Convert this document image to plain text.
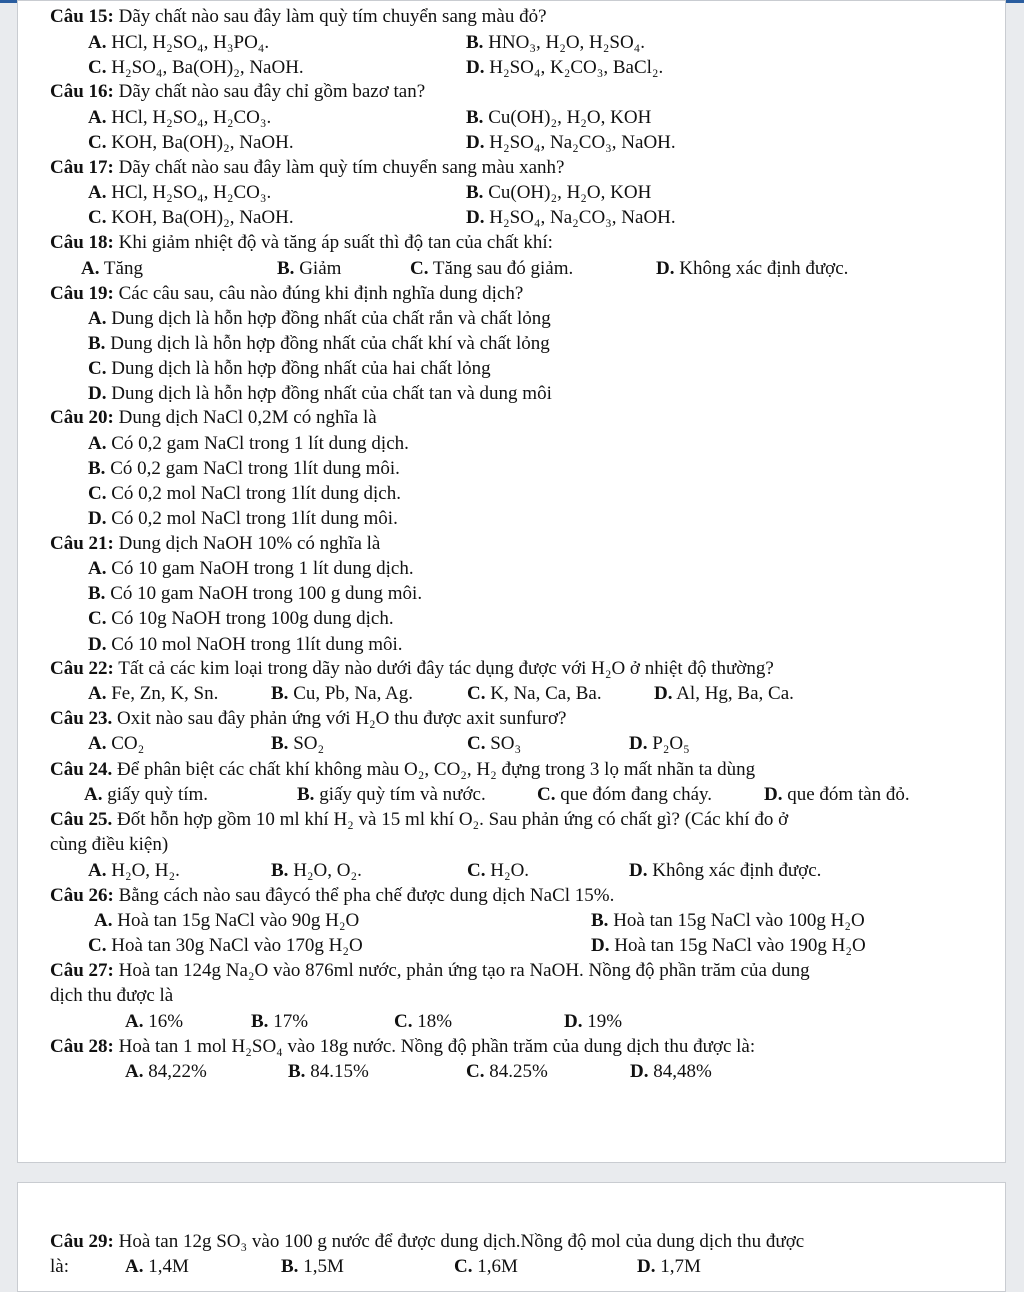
Câu 15: Dãy chất nào sau đây làm quỳ tím chuyển sang màu đỏ?
A. HCl, H₂SO₄, H₃PO₄.	B. HNO₃, H₂O, H₂SO₄.
C. H₂SO₄, Ba(OH)₂, NaOH.	D. H₂SO₄, K₂CO₃, BaCl₂.
Câu 16: Dãy chất nào sau đây chỉ gồm bazơ tan?
A. HCl, H₂SO₄, H₂CO₃.	B. Cu(OH)₂, H₂O, KOH
C. KOH, Ba(OH)₂, NaOH.	D. H₂SO₄, Na₂CO₃, NaOH.
Câu 17: Dãy chất nào sau đây làm quỳ tím chuyển sang màu xanh?
A. HCl, H₂SO₄, H₂CO₃.	B. Cu(OH)₂, H₂O, KOH
C. KOH, Ba(OH)₂, NaOH.	D. H₂SO₄, Na₂CO₃, NaOH.
Câu 18: Khi giảm nhiệt độ và tăng áp suất thì độ tan của chất khí:
A. Tăng	B. Giảm	C. Tăng sau đó giảm.	D. Không xác định được.
Câu 19: Các câu sau, câu nào đúng khi định nghĩa dung dịch?
A. Dung dịch là hỗn hợp đồng nhất của chất rắn và chất lỏng
B. Dung dịch là hỗn hợp đồng nhất của chất khí và chất lỏng
C. Dung dịch là hỗn hợp đồng nhất của hai chất lỏng
D. Dung dịch là hỗn hợp đồng nhất của chất tan và dung môi
Câu 20: Dung dịch NaCl 0,2M có nghĩa là
A. Có 0,2 gam NaCl trong 1 lít dung dịch.
B. Có 0,2 gam NaCl trong 1lít dung môi.
C. Có 0,2 mol NaCl trong 1lít dung dịch.
D. Có 0,2 mol NaCl trong 1lít dung môi.
Câu 21: Dung dịch NaOH 10% có nghĩa là
A. Có 10 gam NaOH trong 1 lít dung dịch.
B. Có 10 gam NaOH trong 100 g dung môi.
C. Có 10g NaOH trong 100g dung dịch.
D. Có 10 mol NaOH trong 1lít dung môi.
Câu 22: Tất cả các kim loại trong dãy nào dưới đây tác dụng được với H₂O ở nhiệt độ thường?
A. Fe, Zn, K, Sn.	B. Cu, Pb, Na, Ag.	C. K, Na, Ca, Ba.	D. Al, Hg, Ba, Ca.
Câu 23. Oxit nào sau đây phản ứng với H₂O thu được axit sunfurơ?
A. CO₂	B. SO₂	C. SO₃	D. P₂O₅
Câu 24. Để phân biệt các chất khí không màu O₂, CO₂, H₂ đựng trong 3 lọ mất nhãn ta dùng
A. giấy quỳ tím.	B. giấy quỳ tím và nước.	C. que đóm đang cháy.	D. que đóm tàn đỏ.
Câu 25. Đốt hỗn hợp gồm 10 ml khí H₂ và 15 ml khí O₂. Sau phản ứng có chất gì? (Các khí đo ở
cùng điều kiện)
A. H₂O, H₂.	B. H₂O, O₂.	C. H₂O.	D. Không xác định được.
Câu 26: Bằng cách nào sau đâycó thể pha chế được dung dịch NaCl 15%.
A. Hoà tan 15g NaCl vào 90g H₂O	B. Hoà tan 15g NaCl vào 100g H₂O
C. Hoà tan 30g NaCl vào 170g H₂O	D. Hoà tan 15g NaCl vào 190g H₂O
Câu 27: Hoà tan 124g Na₂O vào 876ml nước, phản ứng tạo ra NaOH. Nồng độ phần trăm của dung
dịch thu được là
A. 16%	B. 17%	C. 18%	D. 19%
Câu 28: Hoà tan 1 mol H₂SO₄ vào 18g nước. Nồng độ phần trăm của dung dịch thu được là:
A. 84,22%	B. 84.15%	C. 84.25%	D. 84,48%
Câu 29: Hoà tan 12g SO₃ vào 100 g nước để được dung dịch.Nồng độ mol của dung dịch thu được
là:	A. 1,4M	B. 1,5M	C. 1,6M	D. 1,7M
